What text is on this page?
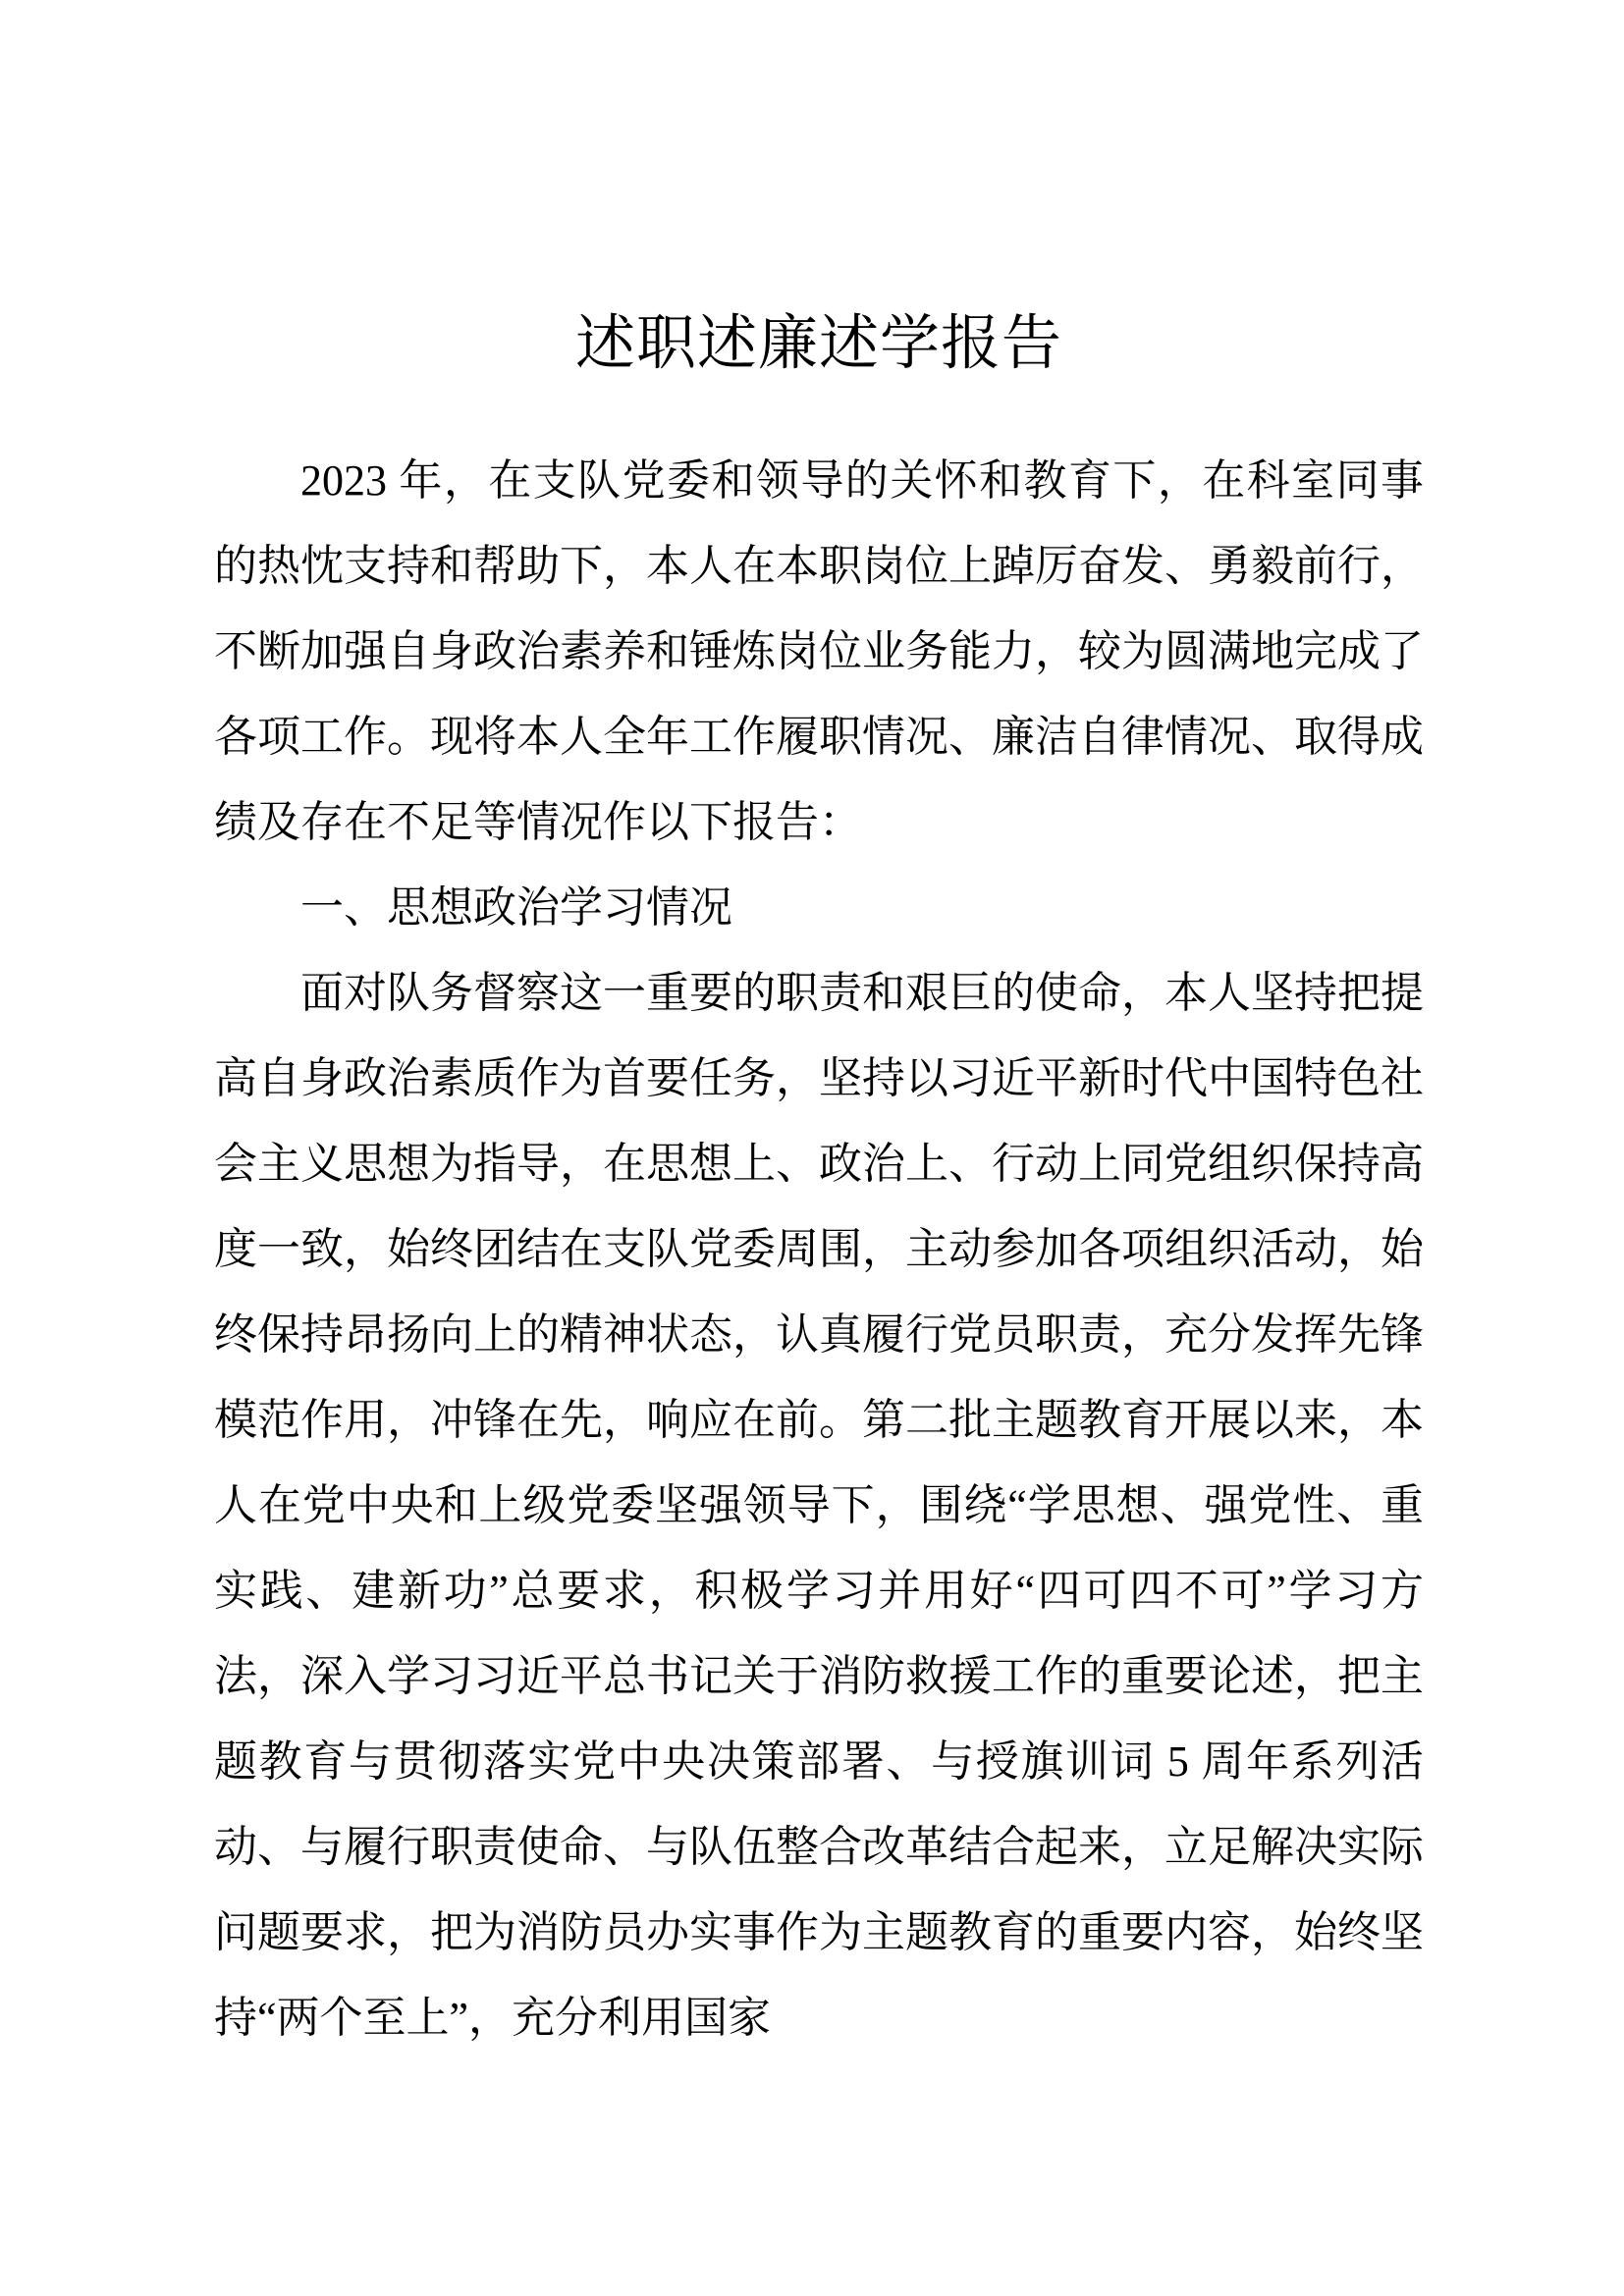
述职述廉述学报告

2023 年，在支队党委和领导的关怀和教育下，在科室同事的热忱支持和帮助下，本人在本职岗位上踔厉奋发、勇毅前行，不断加强自身政治素养和锤炼岗位业务能力，较为圆满地完成了各项工作。现将本人全年工作履职情况、廉洁自律情况、取得成绩及存在不足等情况作以下报告：

一、思想政治学习情况

面对队务督察这一重要的职责和艰巨的使命，本人坚持把提高自身政治素质作为首要任务，坚持以习近平新时代中国特色社会主义思想为指导，在思想上、政治上、行动上同党组织保持高度一致，始终团结在支队党委周围，主动参加各项组织活动，始终保持昂扬向上的精神状态，认真履行党员职责，充分发挥先锋模范作用，冲锋在先，响应在前。第二批主题教育开展以来，本人在党中央和上级党委坚强领导下，围绕“学思想、强党性、重实践、建新功”总要求，积极学习并用好“四可四不可”学习方法，深入学习习近平总书记关于消防救援工作的重要论述，把主题教育与贯彻落实党中央决策部署、与授旗训词 5 周年系列活动、与履行职责使命、与队伍整合改革结合起来，立足解决实际问题要求，把为消防员办实事作为主题教育的重要内容，始终坚持“两个至上”，充分利用国家
